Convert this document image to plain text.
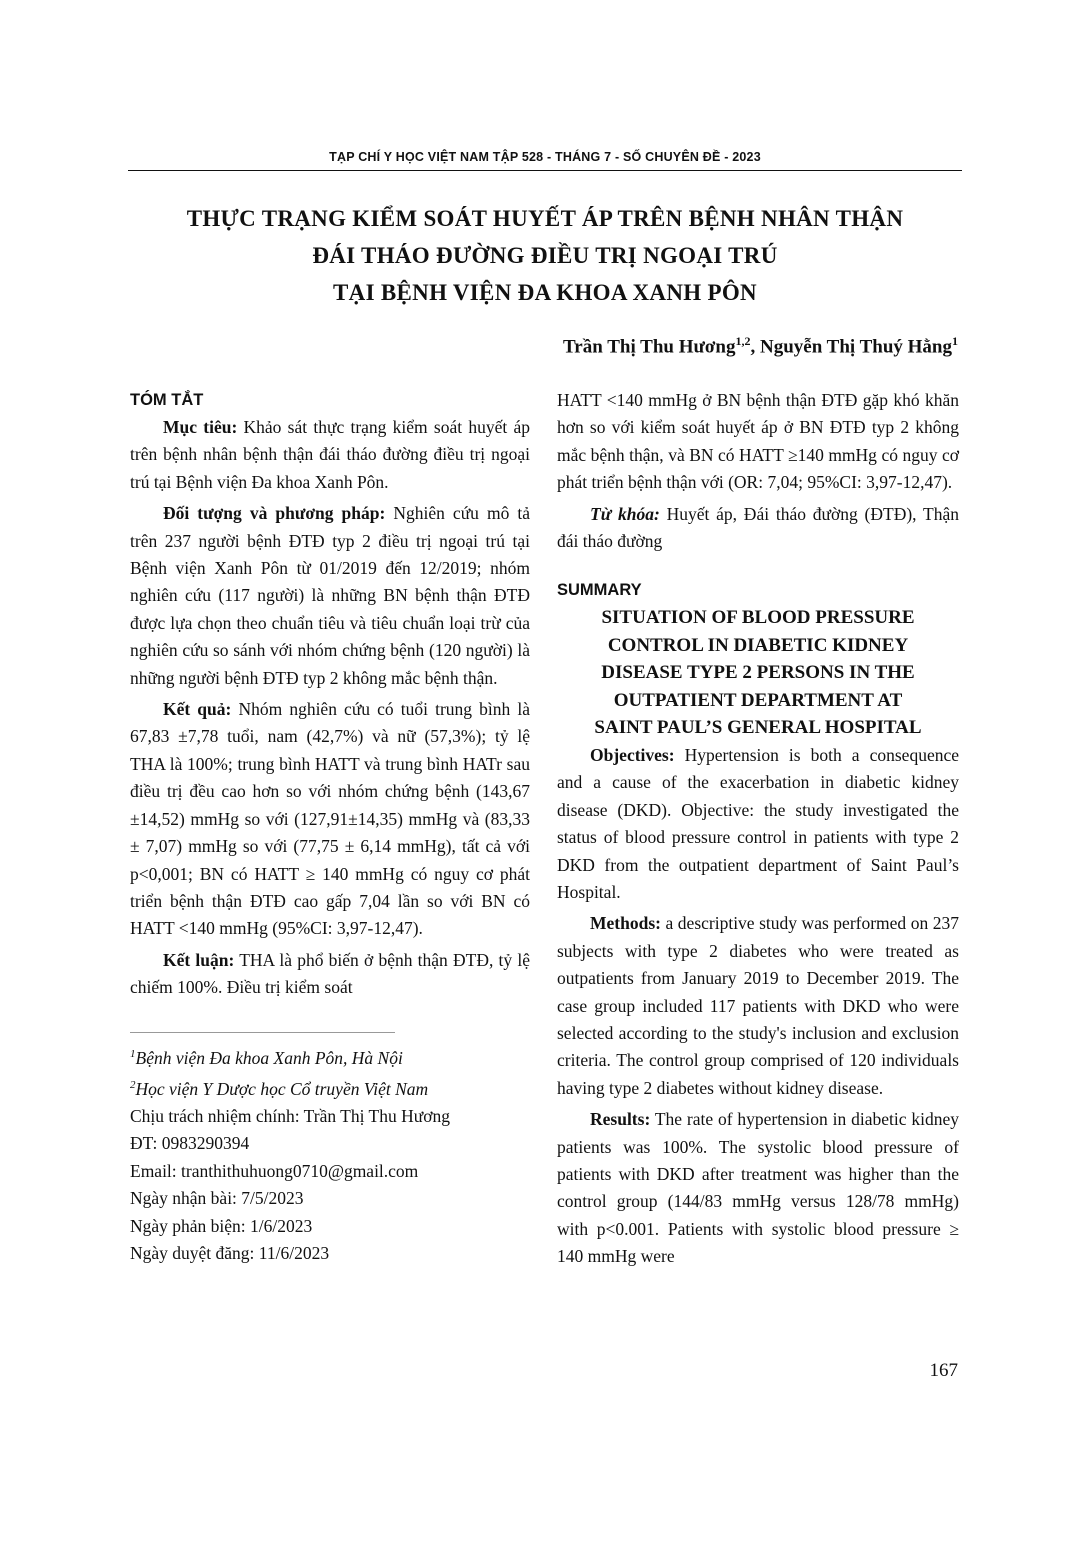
TẠP CHÍ Y HỌC VIỆT NAM TẬP 528 - THÁNG 7 - SỐ CHUYÊN ĐỀ - 2023
THỰC TRẠNG KIỂM SOÁT HUYẾT ÁP TRÊN BỆNH NHÂN THẬN
ĐÁI THÁO ĐƯỜNG ĐIỀU TRỊ NGOẠI TRÚ
TẠI BỆNH VIỆN ĐA KHOA XANH PÔN
Trần Thị Thu Hương$^{1,2}$, Nguyễn Thị Thuý Hằng$^1$
TÓM TẮT

Mục tiêu: Khảo sát thực trạng kiểm soát huyết áp trên bệnh nhân bệnh thận đái tháo đường điều trị ngoại trú tại Bệnh viện Đa khoa Xanh Pôn.

Đối tượng và phương pháp: Nghiên cứu mô tả trên 237 người bệnh ĐTĐ typ 2 điều trị ngoại trú tại Bệnh viện Xanh Pôn từ 01/2019 đến 12/2019; nhóm nghiên cứu (117 người) là những BN bệnh thận ĐTĐ được lựa chọn theo chuẩn tiêu và tiêu chuẩn loại trừ của nghiên cứu so sánh với nhóm chứng bệnh (120 người) là những người bệnh ĐTĐ typ 2 không mắc bệnh thận.

Kết quả: Nhóm nghiên cứu có tuổi trung bình là 67,83 ±7,78 tuổi, nam (42,7%) và nữ (57,3%); tỷ lệ THA là 100%; trung bình HATT và trung bình HATr sau điều trị đều cao hơn so với nhóm chứng bệnh (143,67 ±14,52) mmHg so với (127,91±14,35) mmHg và (83,33 ± 7,07) mmHg so với (77,75 ± 6,14 mmHg), tất cả với p<0,001; BN có HATT ≥ 140 mmHg có nguy cơ phát triển bệnh thận ĐTĐ cao gấp 7,04 lần so với BN có HATT <140 mmHg (95%CI: 3,97-12,47).

Kết luận: THA là phổ biến ở bệnh thận ĐTĐ, tỷ lệ chiếm 100%. Điều trị kiểm soát

$^1$Bệnh viện Đa khoa Xanh Pôn, Hà Nội

$^2$Học viện Y Dược học Cổ truyền Việt Nam

Chịu trách nhiệm chính: Trần Thị Thu Hương

ĐT: 0983290394

Email: tranthithuhuong0710@gmail.com

Ngày nhận bài: 7/5/2023

Ngày phản biện: 1/6/2023

Ngày duyệt đăng: 11/6/2023

HATT <140 mmHg ở BN bệnh thận ĐTĐ gặp khó khăn hơn so với kiểm soát huyết áp ở BN ĐTĐ typ 2 không mắc bệnh thận, và BN có HATT ≥140 mmHg có nguy cơ phát triển bệnh thận với (OR: 7,04; 95%CI: 3,97-12,47).

Từ khóa: Huyết áp, Đái tháo đường (ĐTĐ), Thận đái tháo đường

SUMMARY
SITUATION OF BLOOD PRESSURE
CONTROL IN DIABETIC KIDNEY
DISEASE TYPE 2 PERSONS IN THE
OUTPATIENT DEPARTMENT AT
SAINT PAUL’S GENERAL HOSPITAL

Objectives: Hypertension is both a consequence and a cause of the exacerbation in diabetic kidney disease (DKD). Objective: the study investigated the status of blood pressure control in patients with type 2 DKD from the outpatient department of Saint Paul’s Hospital.

Methods: a descriptive study was performed on 237 subjects with type 2 diabetes who were treated as outpatients from January 2019 to December 2019. The case group included 117 patients with DKD who were selected according to the study's inclusion and exclusion criteria. The control group comprised of 120 individuals having type 2 diabetes without kidney disease.

Results: The rate of hypertension in diabetic kidney patients was 100%. The systolic blood pressure of patients with DKD after treatment was higher than the control group (144/83 mmHg versus 128/78 mmHg) with p<0.001. Patients with systolic blood pressure ≥ 140 mmHg were

167
